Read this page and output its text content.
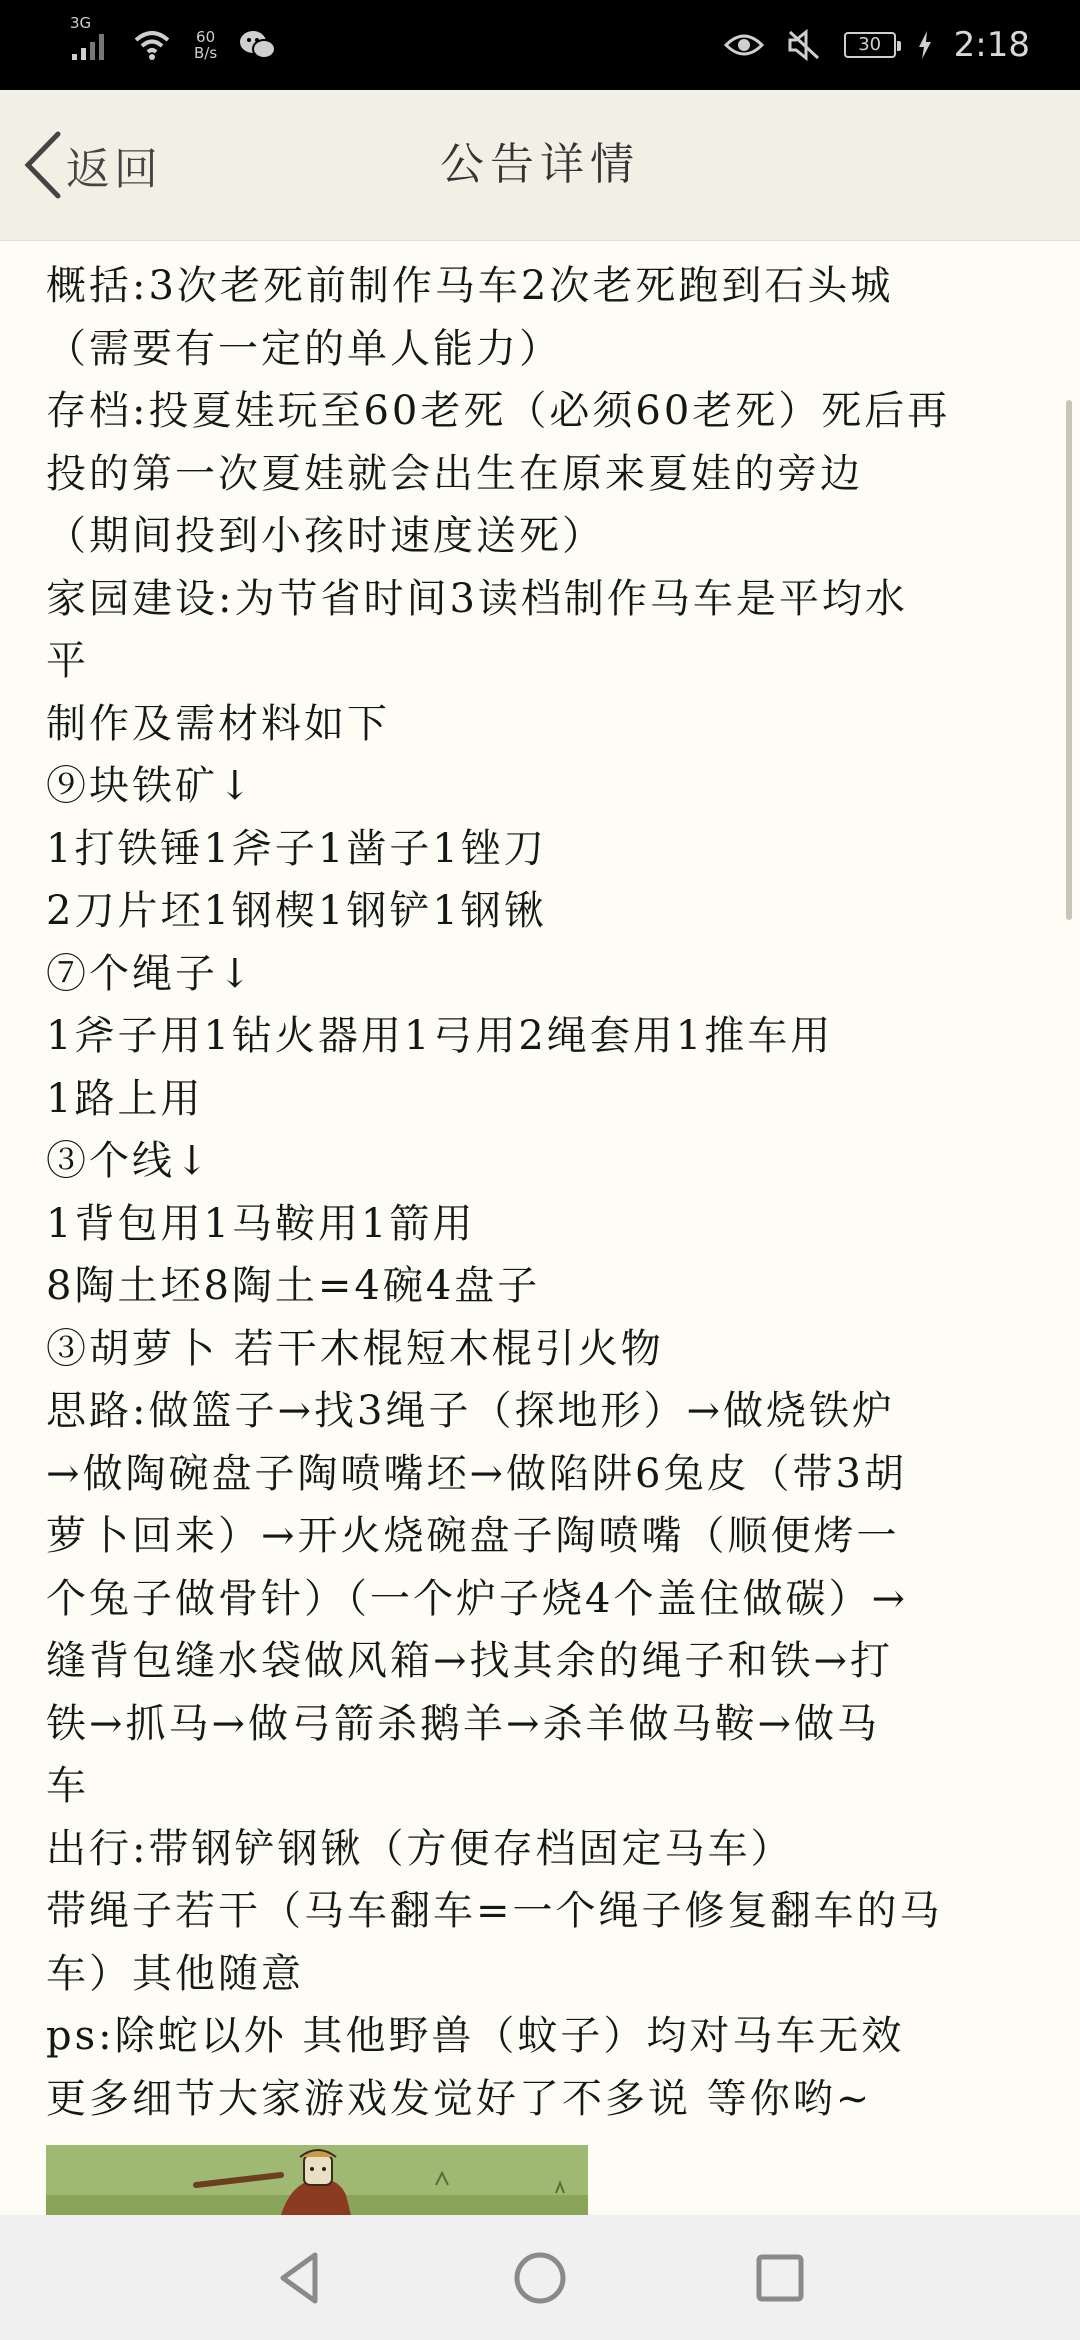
3G
60
B/s	30	2:18
返回	公告详情

概括:3次老死前制作马车2次老死跑到石头城

（需要有一定的单人能力）

存档:投夏娃玩至60老死（必须60老死）死后再

投的第一次夏娃就会出生在原来夏娃的旁边

（期间投到小孩时速度送死）

家园建设:为节省时间3读档制作马车是平均水

平

制作及需材料如下

⑨块铁矿↓

1打铁锤1斧子1凿子1锉刀

2刀片坯1钢楔1钢铲1钢锹

⑦个绳子↓

1斧子用1钻火器用1弓用2绳套用1推车用

1路上用

③个线↓

1背包用1马鞍用1箭用

8陶土坯8陶土=4碗4盘子

③胡萝卜 若干木棍短木棍引火物

思路:做篮子→找3绳子（探地形）→做烧铁炉

→做陶碗盘子陶喷嘴坯→做陷阱6兔皮（带3胡

萝卜回来）→开火烧碗盘子陶喷嘴（顺便烤一

个兔子做骨针）（一个炉子烧4个盖住做碳）→

缝背包缝水袋做风箱→找其余的绳子和铁→打

铁→抓马→做弓箭杀鹅羊→杀羊做马鞍→做马

车

出行:带钢铲钢锹（方便存档固定马车）

带绳子若干（马车翻车=一个绳子修复翻车的马

车）其他随意

ps:除蛇以外 其他野兽（蚊子）均对马车无效

更多细节大家游戏发觉好了不多说 等你哟~
